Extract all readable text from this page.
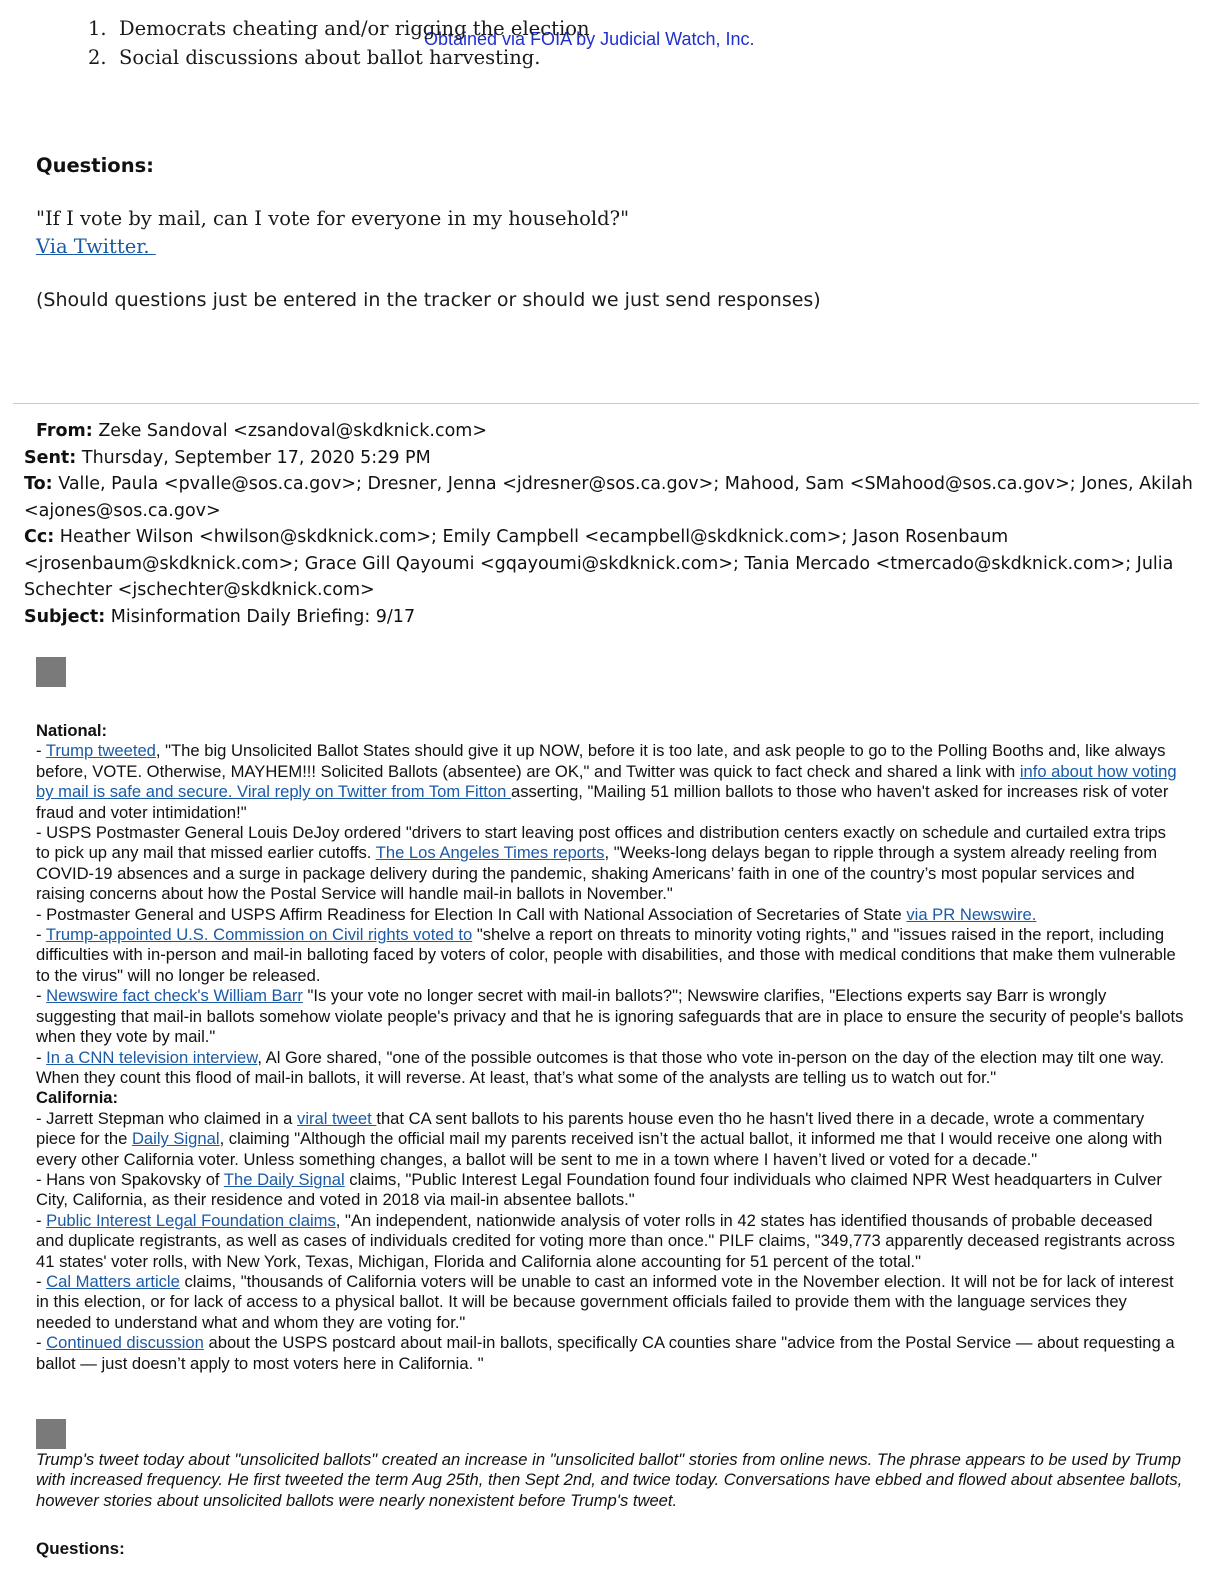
Obtained via FOIA by Judicial Watch, Inc.
1. Democrats cheating and/or rigging the election
2. Social discussions about ballot harvesting.
Questions:
"If I vote by mail, can I vote for everyone in my household?"
Via Twitter.
(Should questions just be entered in the tracker or should we just send responses)
From: Zeke Sandoval <zsandoval@skdknick.com>
Sent: Thursday, September 17, 2020 5:29 PM
To: Valle, Paula <pvalle@sos.ca.gov>; Dresner, Jenna <jdresner@sos.ca.gov>; Mahood, Sam <SMahood@sos.ca.gov>; Jones, Akilah <ajones@sos.ca.gov>
Cc: Heather Wilson <hwilson@skdknick.com>; Emily Campbell <ecampbell@skdknick.com>; Jason Rosenbaum <jrosenbaum@skdknick.com>; Grace Gill Qayoumi <gqayoumi@skdknick.com>; Tania Mercado <tmercado@skdknick.com>; Julia Schechter <jschechter@skdknick.com>
Subject: Misinformation Daily Briefing: 9/17

National:

- Trump tweeted, "The big Unsolicited Ballot States should give it up NOW, before it is too late, and ask people to go to the Polling Booths and, like always before, VOTE. Otherwise, MAYHEM!!! Solicited Ballots (absentee) are OK," and Twitter was quick to fact check and shared a link with info about how voting by mail is safe and secure. Viral reply on Twitter from Tom Fitton asserting, "Mailing 51 million ballots to those who haven't asked for increases risk of voter fraud and voter intimidation!"

- USPS Postmaster General Louis DeJoy ordered "drivers to start leaving post offices and distribution centers exactly on schedule and curtailed extra trips to pick up any mail that missed earlier cutoffs. The Los Angeles Times reports, "Weeks-long delays began to ripple through a system already reeling from COVID-19 absences and a surge in package delivery during the pandemic, shaking Americans’ faith in one of the country’s most popular services and raising concerns about how the Postal Service will handle mail-in ballots in November."

- Postmaster General and USPS Affirm Readiness for Election In Call with National Association of Secretaries of State via PR Newswire.

- Trump-appointed U.S. Commission on Civil rights voted to "shelve a report on threats to minority voting rights," and "issues raised in the report, including difficulties with in-person and mail-in balloting faced by voters of color, people with disabilities, and those with medical conditions that make them vulnerable to the virus" will no longer be released.

- Newswire fact check's William Barr "Is your vote no longer secret with mail-in ballots?"; Newswire clarifies, "Elections experts say Barr is wrongly suggesting that mail-in ballots somehow violate people's privacy and that he is ignoring safeguards that are in place to ensure the security of people's ballots when they vote by mail."

- In a CNN television interview, Al Gore shared, "one of the possible outcomes is that those who vote in-person on the day of the election may tilt one way. When they count this flood of mail-in ballots, it will reverse. At least, that’s what some of the analysts are telling us to watch out for."

California:

- Jarrett Stepman who claimed in a viral tweet that CA sent ballots to his parents house even tho he hasn't lived there in a decade, wrote a commentary piece for the Daily Signal, claiming "Although the official mail my parents received isn’t the actual ballot, it informed me that I would receive one along with every other California voter. Unless something changes, a ballot will be sent to me in a town where I haven’t lived or voted for a decade."

- Hans von Spakovsky of The Daily Signal claims, "Public Interest Legal Foundation found four individuals who claimed NPR West headquarters in Culver City, California, as their residence and voted in 2018 via mail-in absentee ballots."

- Public Interest Legal Foundation claims, "An independent, nationwide analysis of voter rolls in 42 states has identified thousands of probable deceased and duplicate registrants, as well as cases of individuals credited for voting more than once." PILF claims, "349,773 apparently deceased registrants across 41 states' voter rolls, with New York, Texas, Michigan, Florida and California alone accounting for 51 percent of the total."

- Cal Matters article claims, "thousands of California voters will be unable to cast an informed vote in the November election. It will not be for lack of interest in this election, or for lack of access to a physical ballot. It will be because government officials failed to provide them with the language services they needed to understand what and whom they are voting for."

- Continued discussion about the USPS postcard about mail-in ballots, specifically CA counties share "advice from the Postal Service — about requesting a ballot — just doesn’t apply to most voters here in California. "

Trump's tweet today about "unsolicited ballots" created an increase in "unsolicited ballot" stories from online news. The phrase appears to be used by Trump with increased frequency. He first tweeted the term Aug 25th, then Sept 2nd, and twice today. Conversations have ebbed and flowed about absentee ballots, however stories about unsolicited ballots were nearly nonexistent before Trump's tweet.
Questions:
